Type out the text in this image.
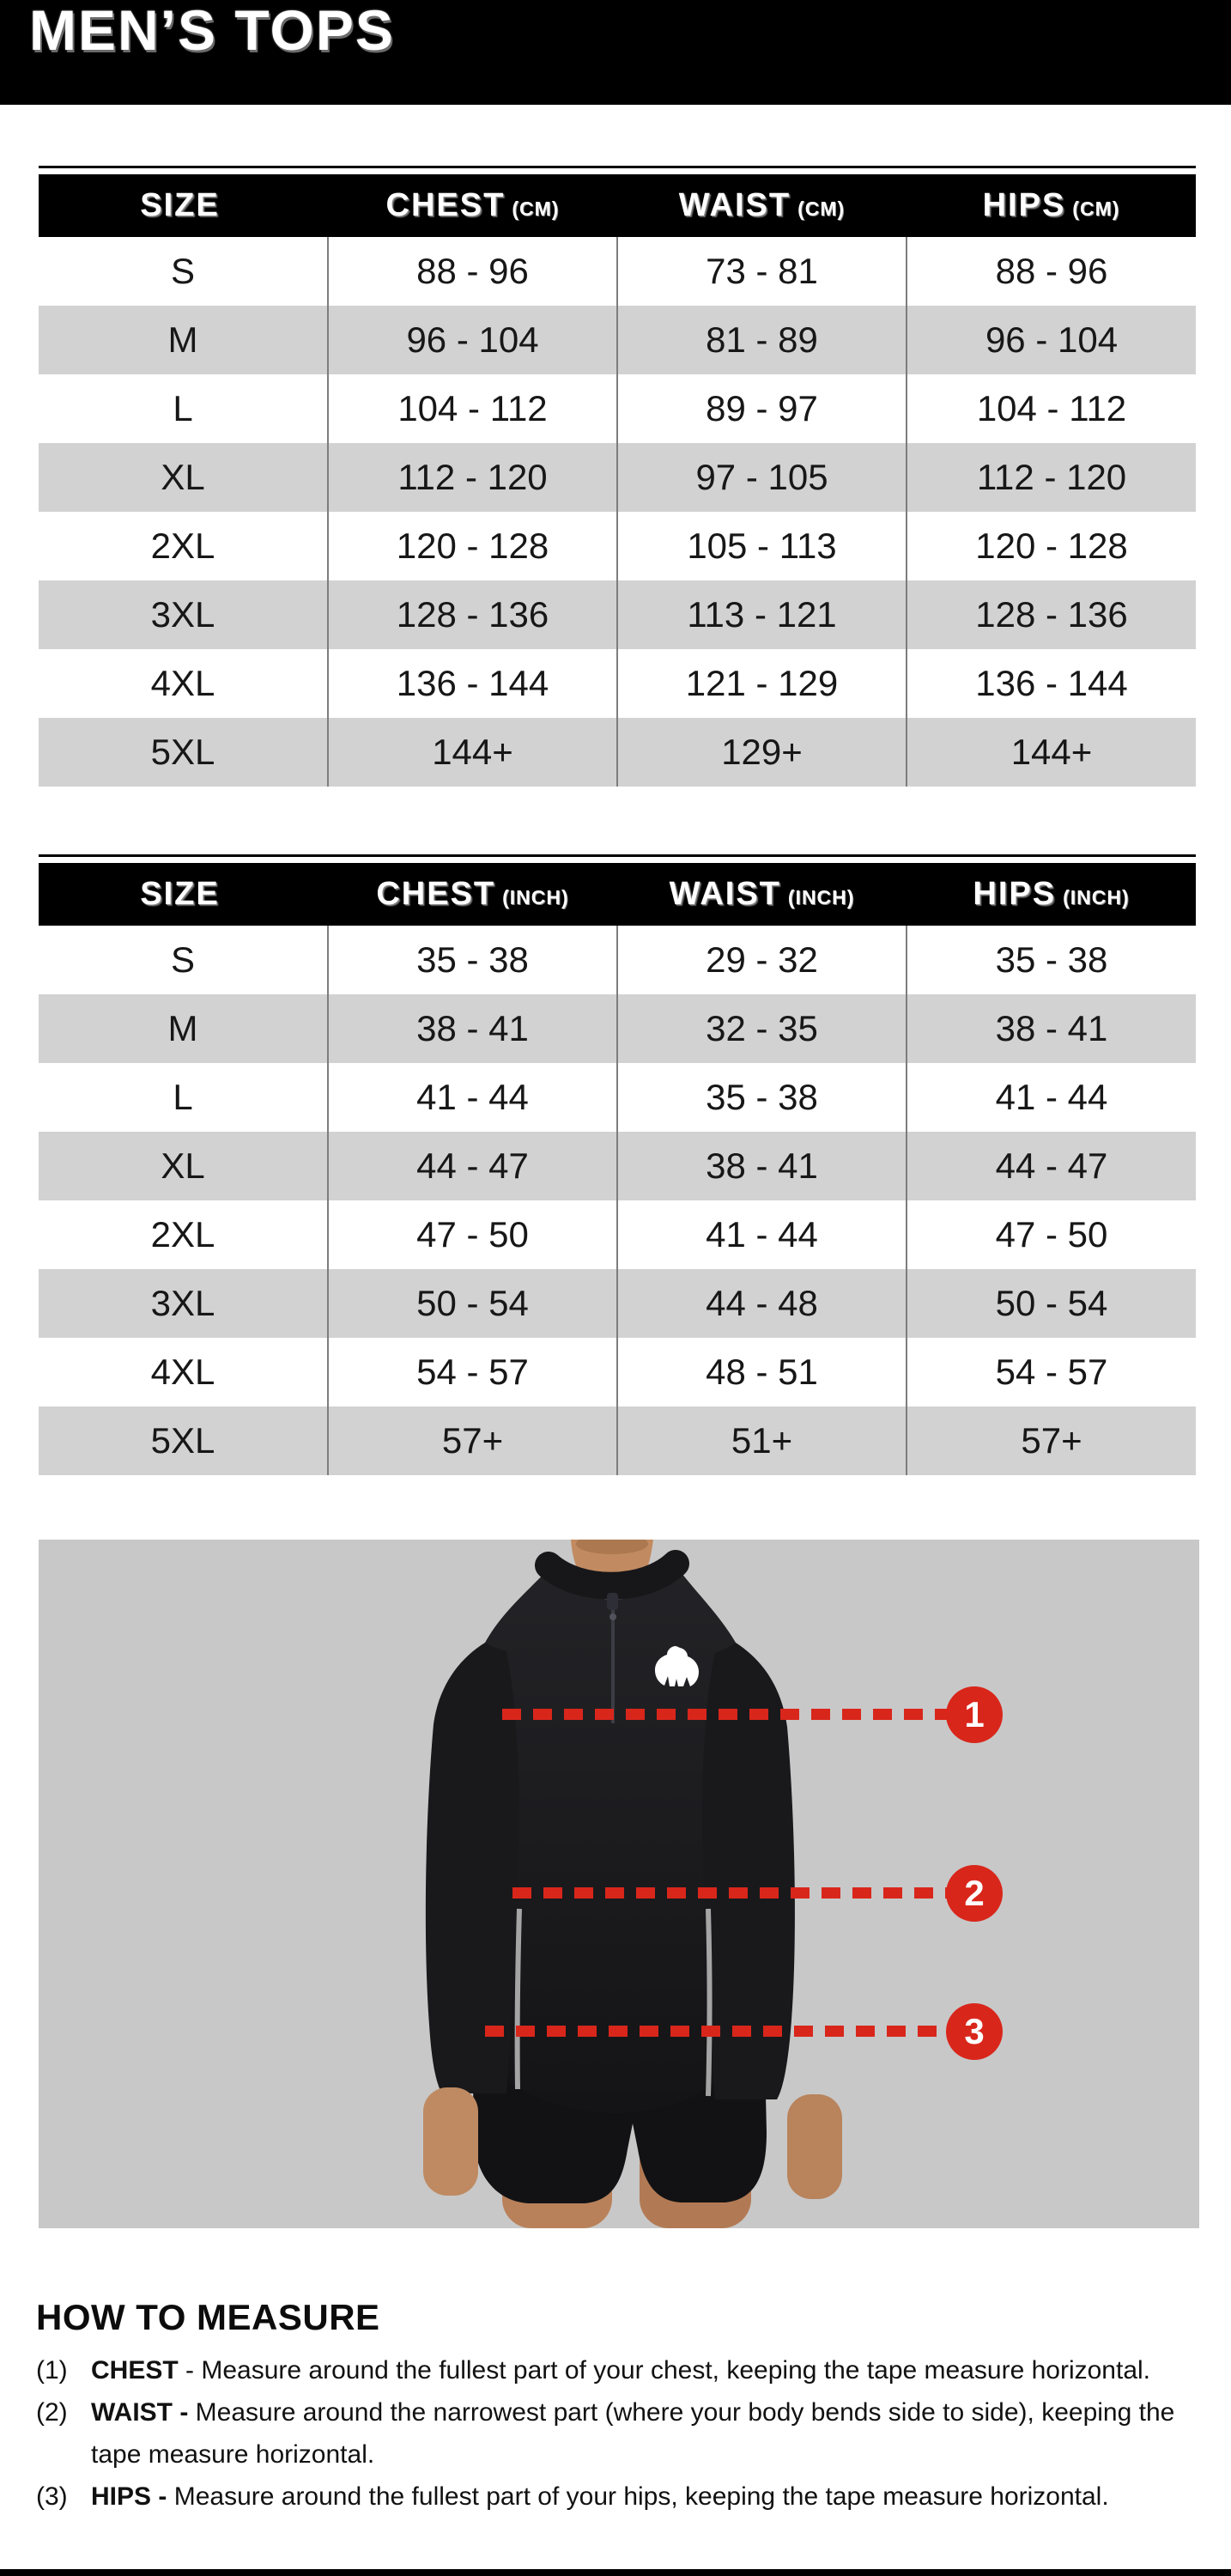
MEN’S TOPS
SIZE	CHEST (CM)	WAIST (CM)	HIPS (CM)
S	88 - 96	73 - 81	88 - 96
M	96 - 104	81 - 89	96 - 104
L	104 - 112	89 - 97	104 - 112
XL	112 - 120	97 - 105	112 - 120
2XL	120 - 128	105 - 113	120 - 128
3XL	128 - 136	113 - 121	128 - 136
4XL	136 - 144	121 - 129	136 - 144
5XL	144+	129+	144+
SIZE	CHEST (INCH)	WAIST (INCH)	HIPS (INCH)
S	35 - 38	29 - 32	35 - 38
M	38 - 41	32 - 35	38 - 41
L	41 - 44	35 - 38	41 - 44
XL	44 - 47	38 - 41	44 - 47
2XL	47 - 50	41 - 44	47 - 50
3XL	50 - 54	44 - 48	50 - 54
4XL	54 - 57	48 - 51	54 - 57
5XL	57+	51+	57+
1
2
3
HOW TO MEASURE
(1) CHEST - Measure around the fullest part of your chest, keeping the tape measure horizontal.

(2) WAIST - Measure around the narrowest part (where your body bends side to side), keeping the tape measure horizontal.

(3) HIPS - Measure around the fullest part of your hips, keeping the tape measure horizontal.
